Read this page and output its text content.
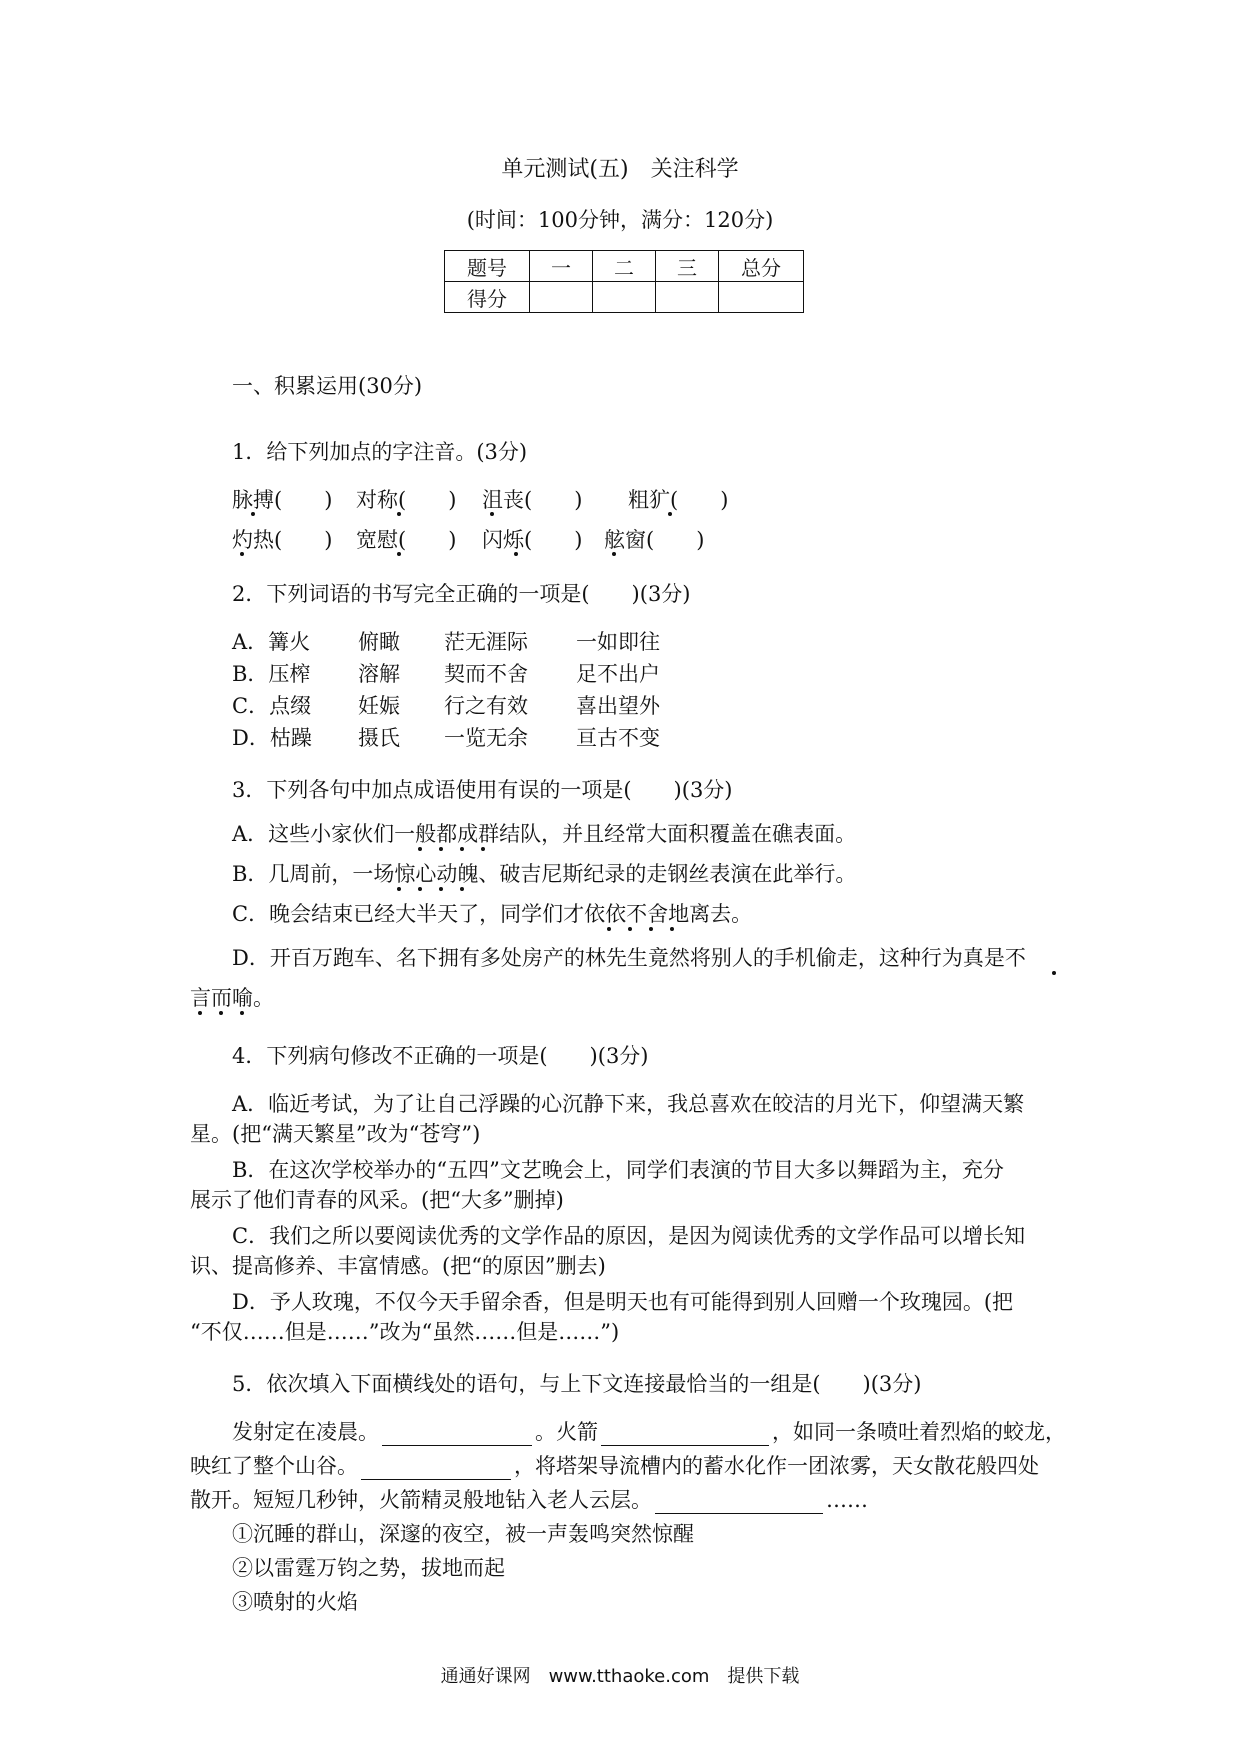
单元测试(五)　关注科学
(时间：100分钟，满分：120分)
题号	一	二	三	总分
得分				
一、积累运用(30分)
1．给下列加点的字注音。(3分)
脉搏(　　) 对称(　　) 沮丧(　　) 粗犷(　　)
灼热(　　) 宽慰(　　) 闪烁(　　) 舷窗(　　)
2．下列词语的书写完全正确的一项是(　　)(3分)
A．篝火 俯瞰 茫无涯际 一如即往
B．压榨 溶解 契而不舍 足不出户
C．点缀 妊娠 行之有效 喜出望外
D．枯躁 摄氏 一览无余 亘古不变
3．下列各句中加点成语使用有误的一项是(　　)(3分)
A．这些小家伙们一般都成群结队，并且经常大面积覆盖在礁表面。
B．几周前，一场惊心动魄、破吉尼斯纪录的走钢丝表演在此举行。
C．晚会结束已经大半天了，同学们才依依不舍地离去。
D．开百万跑车、名下拥有多处房产的林先生竟然将别人的手机偷走，这种行为真是不
言而喻。
4．下列病句修改不正确的一项是(　　)(3分)
A．临近考试，为了让自己浮躁的心沉静下来，我总喜欢在皎洁的月光下，仰望满天繁
星。(把“满天繁星”改为“苍穹”)
B．在这次学校举办的“五四”文艺晚会上，同学们表演的节目大多以舞蹈为主，充分
展示了他们青春的风采。(把“大多”删掉)
C．我们之所以要阅读优秀的文学作品的原因，是因为阅读优秀的文学作品可以增长知
识、提高修养、丰富情感。(把“的原因”删去)
D．予人玫瑰，不仅今天手留余香，但是明天也有可能得到别人回赠一个玫瑰园。(把
“不仅……但是……”改为“虽然……但是……”)
5．依次填入下面横线处的语句，与上下文连接最恰当的一组是(　　)(3分)
发射定在凌晨。	。火箭	，如同一条喷吐着烈焰的蛟龙，
映红了整个山谷。	，将塔架导流槽内的蓄水化作一团浓雾，天女散花般四处
散开。短短几秒钟，火箭精灵般地钻入老人云层。	……
①沉睡的群山，深邃的夜空，被一声轰鸣突然惊醒
②以雷霆万钧之势，拔地而起
③喷射的火焰
通通好课网　www.tthaoke.com　提供下载
